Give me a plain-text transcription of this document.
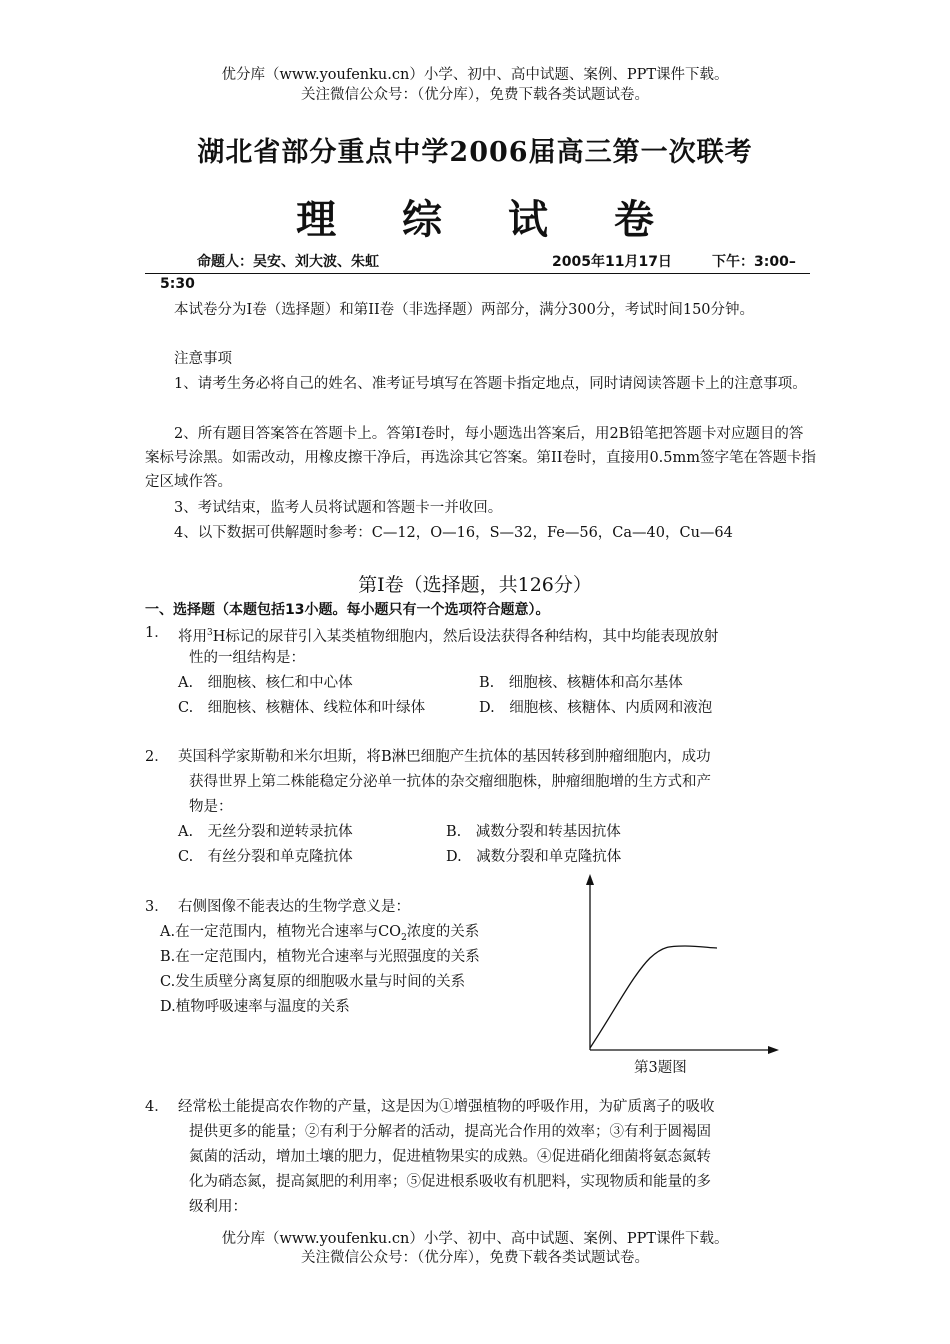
优分库（www.youfenku.cn）小学、初中、高中试题、案例、PPT课件下载。
关注微信公众号：（优分库），免费下载各类试题试卷。
湖北省部分重点中学2006届高三第一次联考
理 综 试 卷
命题人：吴安、刘大波、朱虹	2005年11月17日	下午：3:00–
5:30
本试卷分为I卷（选择题）和第II卷（非选择题）两部分，满分300分，考试时间150分钟。
注意事项
1、请考生务必将自己的姓名、准考证号填写在答题卡指定地点，同时请阅读答题卡上的注意事项。
2、所有题目答案答在答题卡上。答第I卷时，每小题选出答案后，用2B铅笔把答题卡对应题目的答案标号涂黑。如需改动，用橡皮擦干净后，再选涂其它答案。第II卷时，直接用0.5mm签字笔在答题卡指定区域作答。
3、考试结束，监考人员将试题和答题卡一并收回。
4、以下数据可供解题时参考：C—12，O—16，S—32，Fe—56，Ca—40，Cu—64
第I卷（选择题，共126分）
一、选择题（本题包括13小题。每小题只有一个选项符合题意）。
1． 将用$^3$H标记的尿苷引入某类植物细胞内，然后设法获得各种结构，其中均能表现放射
性的一组结构是：
A.　细胞核、核仁和中心体	B.　细胞核、核糖体和高尔基体
C.　细胞核、核糖体、线粒体和叶绿体	D.　细胞核、核糖体、内质网和液泡
2． 英国科学家斯勒和米尔坦斯，将B淋巴细胞产生抗体的基因转移到肿瘤细胞内，成功
获得世界上第二株能稳定分泌单一抗体的杂交瘤细胞株，肿瘤细胞增的生方式和产
物是：
A.　无丝分裂和逆转录抗体	B.　减数分裂和转基因抗体
C.　有丝分裂和单克隆抗体	D.　减数分裂和单克隆抗体
3． 右侧图像不能表达的生物学意义是：
A.在一定范围内，植物光合速率与$CO_2$浓度的关系
B.在一定范围内，植物光合速率与光照强度的关系
C.发生质壁分离复原的细胞吸水量与时间的关系
D.植物呼吸速率与温度的关系
第3题图
4． 经常松土能提高农作物的产量，这是因为①增强植物的呼吸作用，为矿质离子的吸收
提供更多的能量；②有利于分解者的活动，提高光合作用的效率；③有利于圆褐固
氮菌的活动，增加土壤的肥力，促进植物果实的成熟。④促进硝化细菌将氨态氮转
化为硝态氮，提高氮肥的利用率；⑤促进根系吸收有机肥料，实现物质和能量的多
级利用：
优分库（www.youfenku.cn）小学、初中、高中试题、案例、PPT课件下载。
关注微信公众号：（优分库），免费下载各类试题试卷。
